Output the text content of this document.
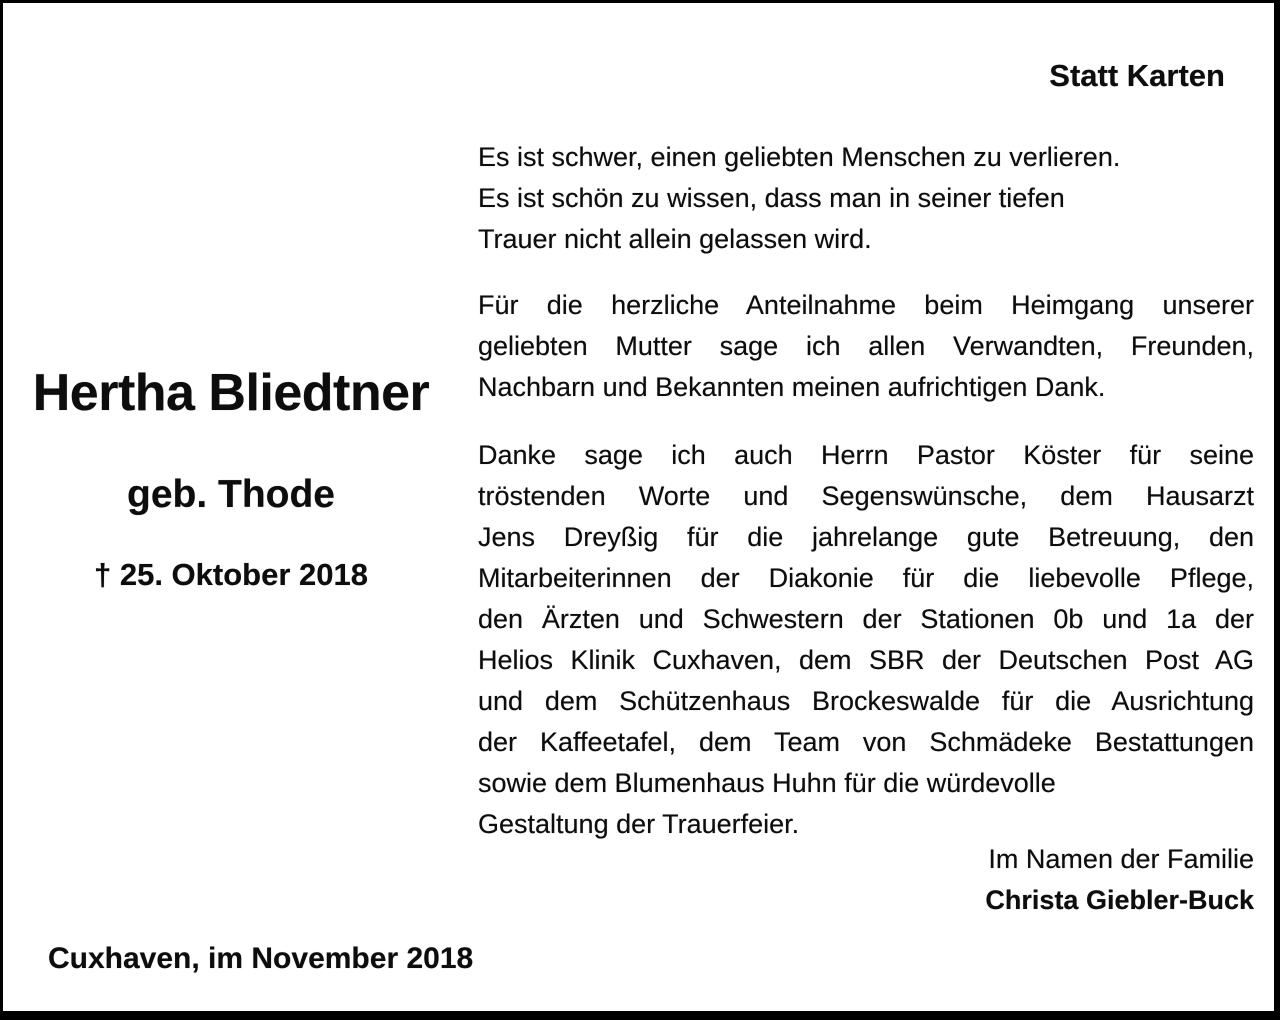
Statt Karten
Hertha Bliedtner
geb. Thode
† 25. Oktober 2018
Es ist schwer, einen geliebten Menschen zu verlieren.
Es ist schön zu wissen, dass man in seiner tiefen
Trauer nicht allein gelassen wird.
Für die herzliche Anteilnahme beim Heimgang unserer
geliebten Mutter sage ich allen Verwandten, Freunden,
Nachbarn und Bekannten meinen aufrichtigen Dank.
Danke sage ich auch Herrn Pastor Köster für seine
tröstenden Worte und Segenswünsche, dem Hausarzt
Jens Dreyßig für die jahrelange gute Betreuung, den
Mitarbeiterinnen der Diakonie für die liebevolle Pflege,
den Ärzten und Schwestern der Stationen 0b und 1a der
Helios Klinik Cuxhaven, dem SBR der Deutschen Post AG
und dem Schützenhaus Brockeswalde für die Ausrichtung
der Kaffeetafel, dem Team von Schmädeke Bestattungen
sowie dem Blumenhaus Huhn für die würdevolle
Gestaltung der Trauerfeier.
Im Namen der Familie
Christa Giebler-Buck
Cuxhaven, im November 2018
